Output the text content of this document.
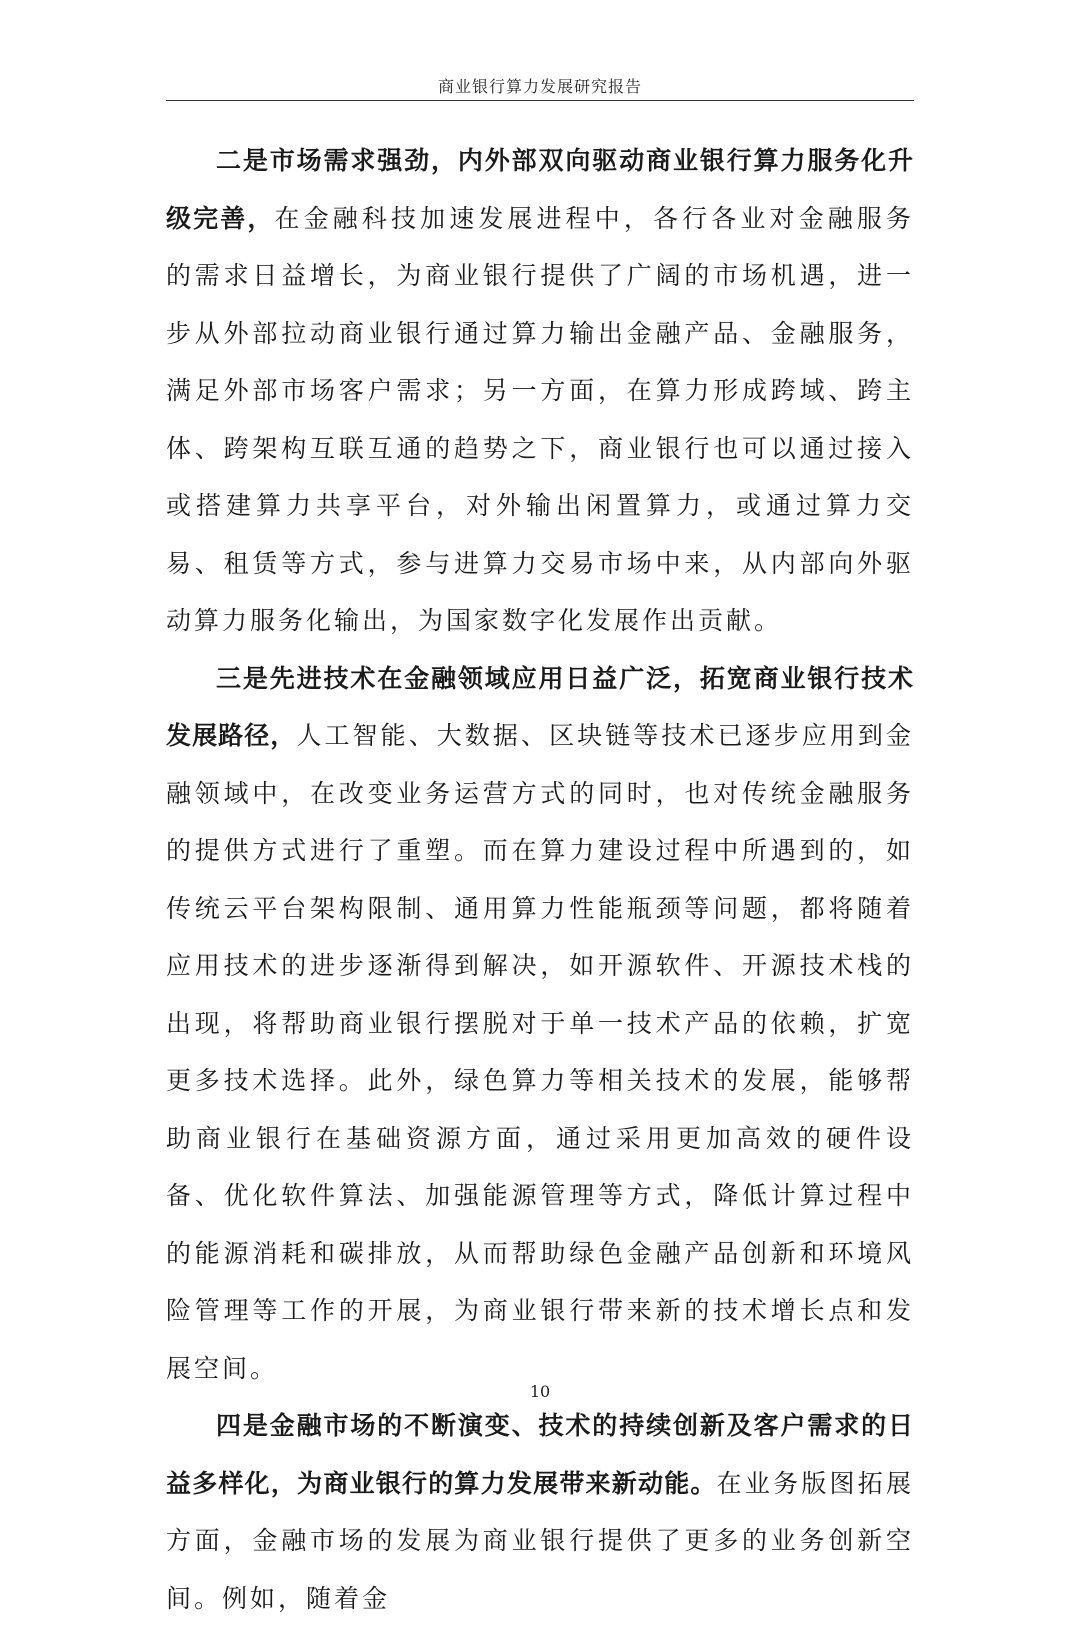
商业银行算力发展研究报告

二是市场需求强劲，内外部双向驱动商业银行算力服务化升级完善，在金融科技加速发展进程中，各行各业对金融服务的需求日益增长，为商业银行提供了广阔的市场机遇，进一步从外部拉动商业银行通过算力输出金融产品、金融服务，满足外部市场客户需求；另一方面，在算力形成跨域、跨主体、跨架构互联互通的趋势之下，商业银行也可以通过接入或搭建算力共享平台，对外输出闲置算力，或通过算力交易、租赁等方式，参与进算力交易市场中来，从内部向外驱动算力服务化输出，为国家数字化发展作出贡献。

三是先进技术在金融领域应用日益广泛，拓宽商业银行技术发展路径，人工智能、大数据、区块链等技术已逐步应用到金融领域中，在改变业务运营方式的同时，也对传统金融服务的提供方式进行了重塑。而在算力建设过程中所遇到的，如传统云平台架构限制、通用算力性能瓶颈等问题，都将随着应用技术的进步逐渐得到解决，如开源软件、开源技术栈的出现，将帮助商业银行摆脱对于单一技术产品的依赖，扩宽更多技术选择。此外，绿色算力等相关技术的发展，能够帮助商业银行在基础资源方面，通过采用更加高效的硬件设备、优化软件算法、加强能源管理等方式，降低计算过程中的能源消耗和碳排放，从而帮助绿色金融产品创新和环境风险管理等工作的开展，为商业银行带来新的技术增长点和发展空间。

四是金融市场的不断演变、技术的持续创新及客户需求的日益多样化，为商业银行的算力发展带来新动能。在业务版图拓展方面，金融市场的发展为商业银行提供了更多的业务创新空间。例如，随着金

10
